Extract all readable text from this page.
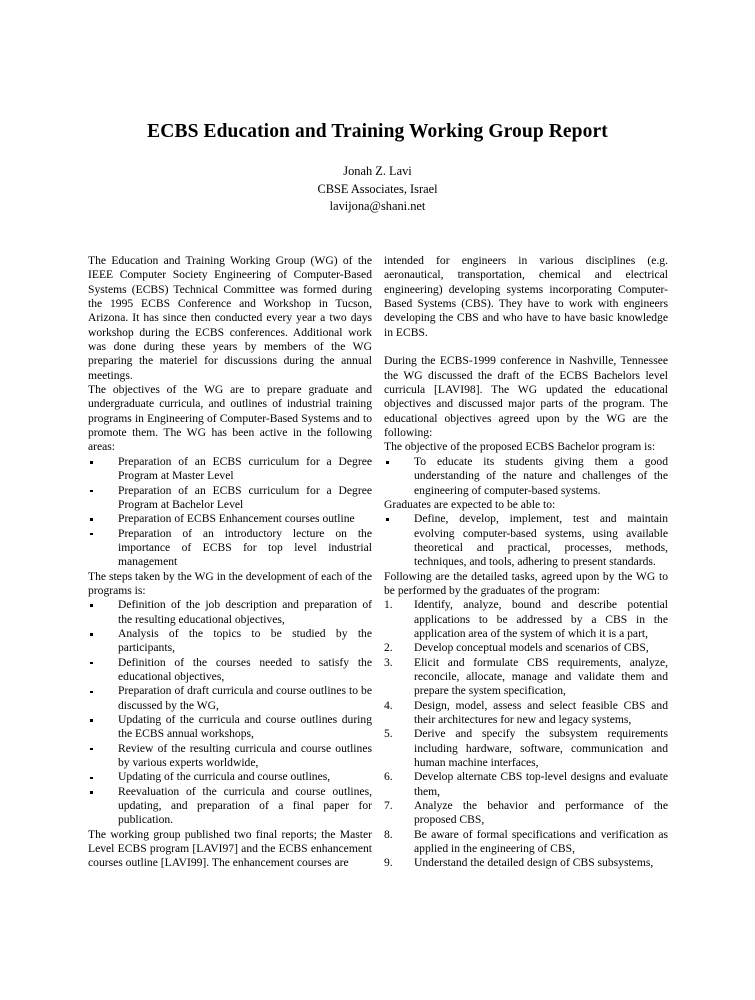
ECBS Education and Training Working Group Report
Jonah Z. Lavi
CBSE Associates, Israel
lavijona@shani.net

The Education and Training Working Group (WG) of the IEEE Computer Society Engineering of Computer-Based Systems (ECBS) Technical Committee was formed during the 1995 ECBS Conference and Workshop in Tucson, Arizona. It has since then conducted every year a two days workshop during the ECBS conferences. Additional work was done during these years by members of the WG preparing the materiel for discussions during the annual meetings.

The objectives of the WG are to prepare graduate and undergraduate curricula, and outlines of industrial training programs in Engineering of Computer-Based Systems and to promote them. The WG has been active in the following areas:

Preparation of an ECBS curriculum for a Degree Program at Master Level
Preparation of an ECBS curriculum for a Degree Program at Bachelor Level
Preparation of ECBS Enhancement courses outline
Preparation of an introductory lecture on the importance of ECBS for top level industrial management

The steps taken by the WG in the development of each of the programs is:

Definition of the job description and preparation of the resulting educational objectives,
Analysis of the topics to be studied by the participants,
Definition of the courses needed to satisfy the educational objectives,
Preparation of draft curricula and course outlines to be discussed by the WG,
Updating of the curricula and course outlines during the ECBS annual workshops,
Review of the resulting curricula and course outlines by various experts worldwide,
Updating of the curricula and course outlines,
Reevaluation of the curricula and course outlines, updating, and preparation of a final paper for publication.

The working group published two final reports; the Master Level ECBS program [LAVI97] and the ECBS enhancement courses outline [LAVI99]. The enhancement courses are

intended for engineers in various disciplines (e.g. aeronautical, transportation, chemical and electrical engineering) developing systems incorporating Computer-Based Systems (CBS). They have to work with engineers developing the CBS and who have to have basic knowledge in ECBS.

During the ECBS-1999 conference in Nashville, Tennessee the WG discussed the draft of the ECBS Bachelors level curricula [LAVI98]. The WG updated the educational objectives and discussed major parts of the program. The educational objectives agreed upon by the WG are the following:

The objective of the proposed ECBS Bachelor program is:

To educate its students giving them a good understanding of the nature and challenges of the engineering of computer-based systems.

Graduates are expected to be able to:

Define, develop, implement, test and maintain evolving computer-based systems, using available theoretical and practical, processes, methods, techniques, and tools, adhering to present standards.

Following are the detailed tasks, agreed upon by the WG to be performed by the graduates of the program:

1. Identify, analyze, bound and describe potential applications to be addressed by a CBS in the application area of the system of which it is a part,
2. Develop conceptual models and scenarios of CBS,
3. Elicit and formulate CBS requirements, analyze, reconcile, allocate, manage and validate them and prepare the system specification,
4. Design, model, assess and select feasible CBS and their architectures for new and legacy systems,
5. Derive and specify the subsystem requirements including hardware, software, communication and human machine interfaces,
6. Develop alternate CBS top-level designs and evaluate them,
7. Analyze the behavior and performance of the proposed CBS,
8. Be aware of formal specifications and verification as applied in the engineering of CBS,
9. Understand the detailed design of CBS subsystems,
